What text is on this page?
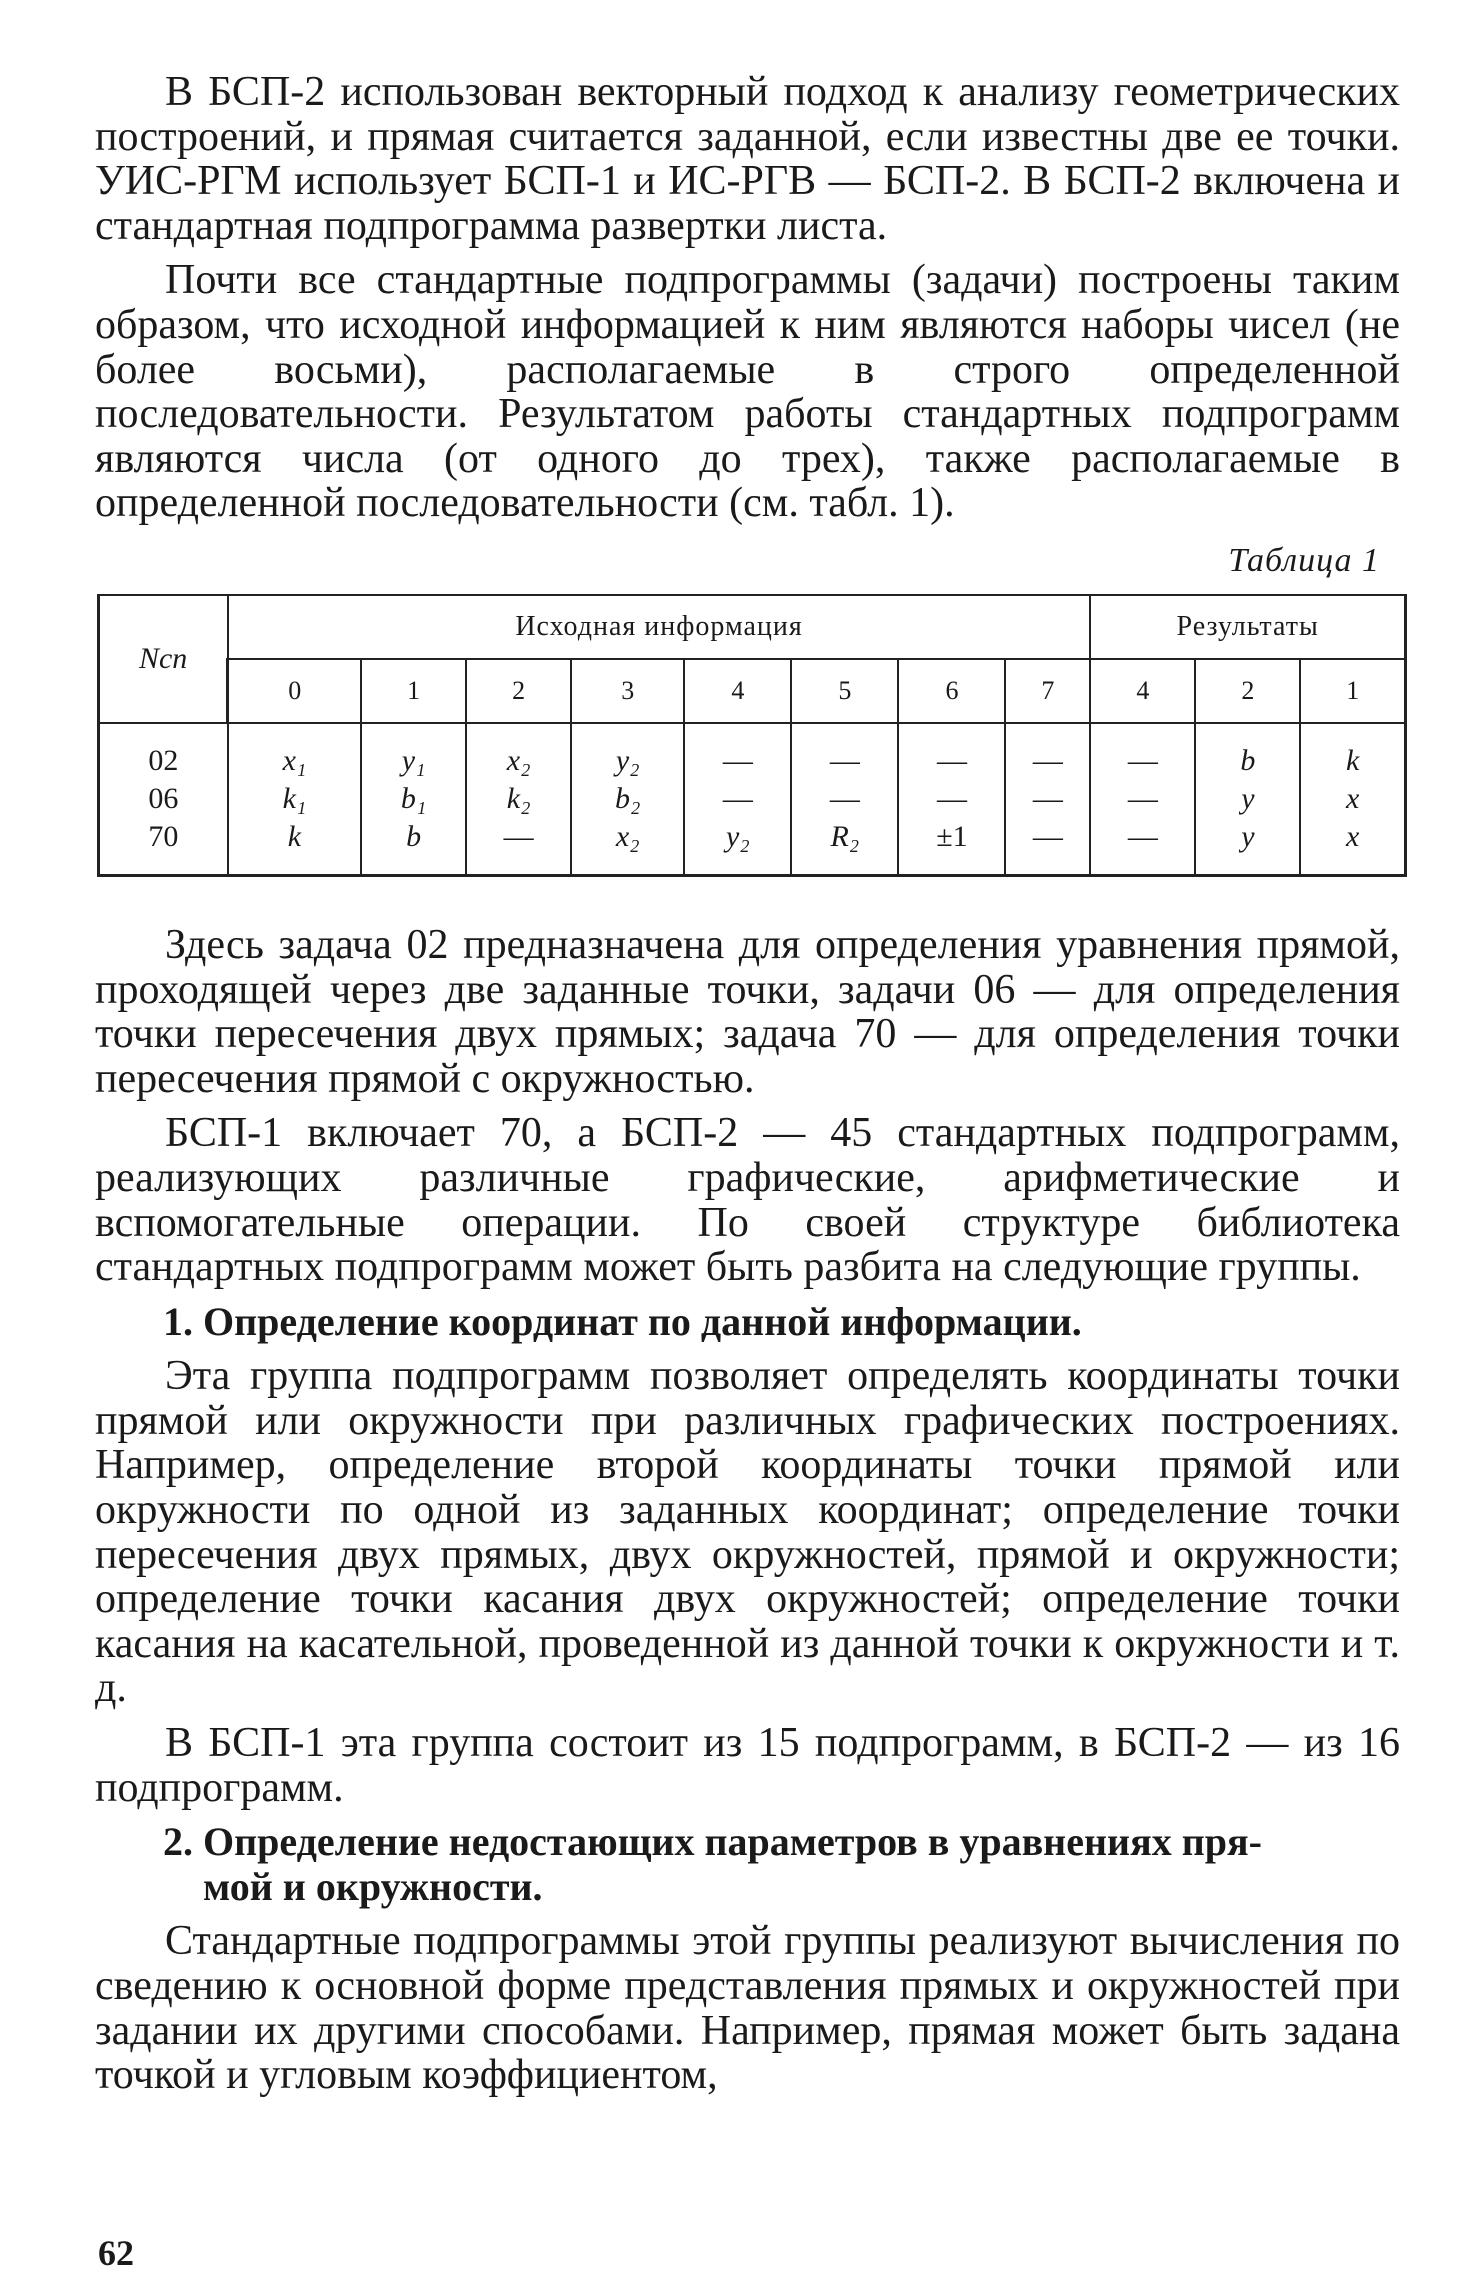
В БСП-2 использован векторный подход к анализу геометрических построений, и прямая считается заданной, если известны две ее точки. УИС-РГМ использует БСП-1 и ИС-РГВ — БСП-2. В БСП-2 включена и стандартная подпрограмма развертки листа.

Почти все стандартные подпрограммы (задачи) построены таким образом, что исходной информацией к ним являются наборы чисел (не более восьми), располагаемые в строго определенной последовательности. Результатом работы стандартных подпрограмм являются числа (от одного до трех), также располагаемые в определенной последовательности (см. табл. 1).

Таблица 1
Nсп	Исходная информация								Результаты		
	0	1	2	3	4	5	6	7	4	2	1
02	x₁	y₁	x₂	y₂	—	—	—	—	—	b	k
06	k₁	b₁	k₂	b₂	—	—	—	—	—	y	x
70	k	b	—	x₂	y₂	R₂	±1	—	—	y	x

Здесь задача 02 предназначена для определения уравнения прямой, проходящей через две заданные точки, задачи 06 — для определения точки пересечения двух прямых; задача 70 — для определения точки пересечения прямой с окружностью.

БСП-1 включает 70, а БСП-2 — 45 стандартных подпрограмм, реализующих различные графические, арифметические и вспомогательные операции. По своей структуре библиотека стандартных подпрограмм может быть разбита на следующие группы.

1. Определение координат по данной информации.

Эта группа подпрограмм позволяет определять координаты точки прямой или окружности при различных графических построениях. Например, определение второй координаты точки прямой или окружности по одной из заданных координат; определение точки пересечения двух прямых, двух окружностей, прямой и окружности; определение точки касания двух окружностей; определение точки касания на касательной, проведенной из данной точки к окружности и т. д.

В БСП-1 эта группа состоит из 15 подпрограмм, в БСП-2 — из 16 подпрограмм.

2. Определение недостающих параметров в уравнениях пря-
мой и окружности.

Стандартные подпрограммы этой группы реализуют вычисления по сведению к основной форме представления прямых и окружностей при задании их другими способами. Например, прямая может быть задана точкой и угловым коэффициентом,

62
